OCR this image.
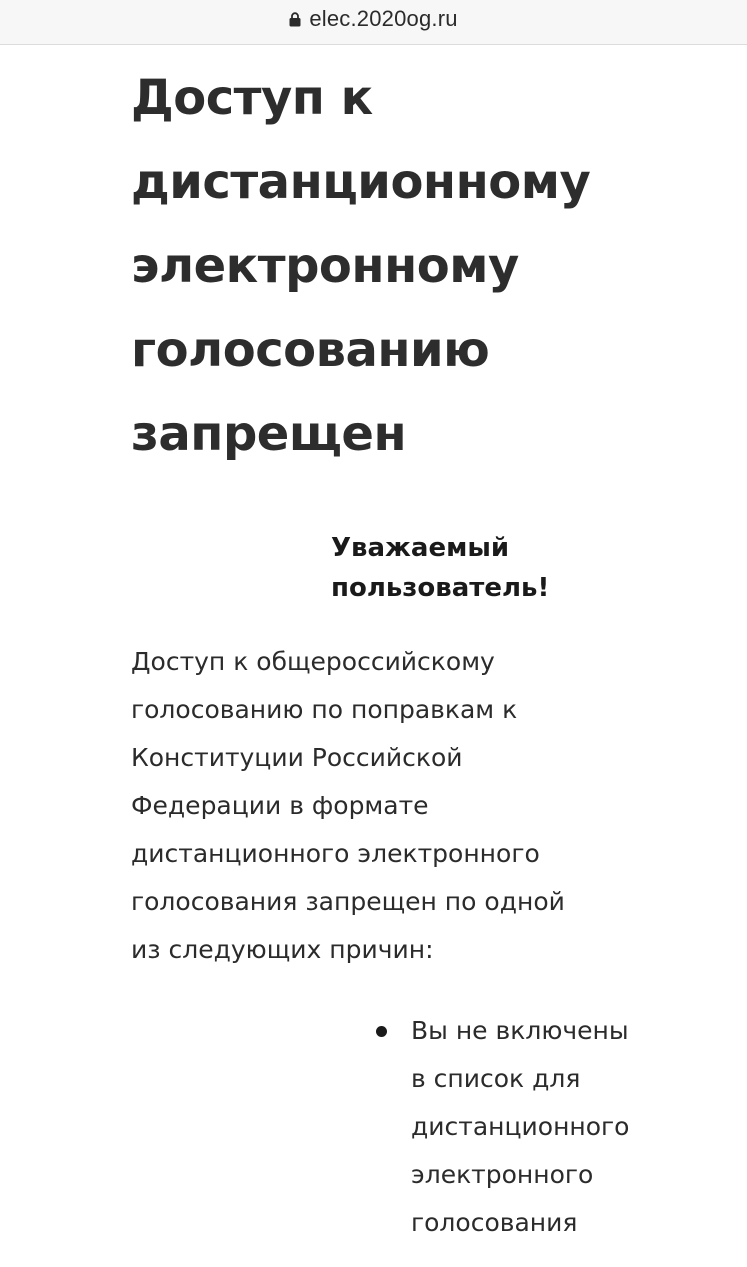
elec.2020og.ru
Доступ к дистанционному электронному голосованию запрещен

Уважаемый пользователь!

Доступ к общероссийскому голосованию по поправкам к Конституции Российской Федерации в формате дистанционного электронного голосования запрещен по одной из следующих причин:

Вы не включены в список для дистанционного электронного голосования
